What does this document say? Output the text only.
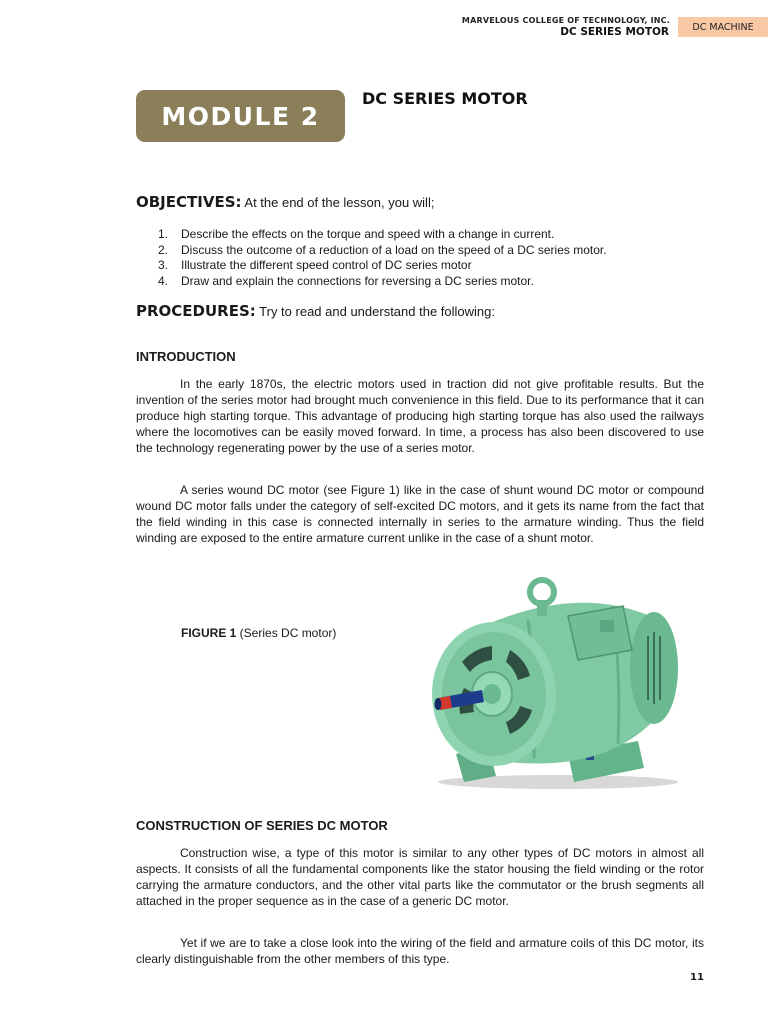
MARVELOUS COLLEGE OF TECHNOLOGY, INC.
DC SERIES MOTOR	DC MACHINE
MODULE 2
DC SERIES MOTOR
OBJECTIVES: At the end of the lesson, you will;
1. Describe the effects on the torque and speed with a change in current.
2. Discuss the outcome of a reduction of a load on the speed of a DC series motor.
3. Illustrate the different speed control of DC series motor
4. Draw and explain the connections for reversing a DC series motor.
PROCEDURES: Try to read and understand the following:
INTRODUCTION

In the early 1870s, the electric motors used in traction did not give profitable results. But the invention of the series motor had brought much convenience in this field. Due to its performance that it can produce high starting torque. This advantage of producing high starting torque has also used the railways where the locomotives can be easily moved forward. In time, a process has also been discovered to use the technology regenerating power by the use of a series motor.

A series wound DC motor (see Figure 1) like in the case of shunt wound DC motor or compound wound DC motor falls under the category of self-excited DC motors, and it gets its name from the fact that the field winding in this case is connected internally in series to the armature winding. Thus the field winding are exposed to the entire armature current unlike in the case of a shunt motor.

FIGURE 1 (Series DC motor)
CONSTRUCTION OF SERIES DC MOTOR

Construction wise, a type of this motor is similar to any other types of DC motors in almost all aspects. It consists of all the fundamental components like the stator housing the field winding or the rotor carrying the armature conductors, and the other vital parts like the commutator or the brush segments all attached in the proper sequence as in the case of a generic DC motor.

Yet if we are to take a close look into the wiring of the field and armature coils of this DC motor, its clearly distinguishable from the other members of this type.

11
